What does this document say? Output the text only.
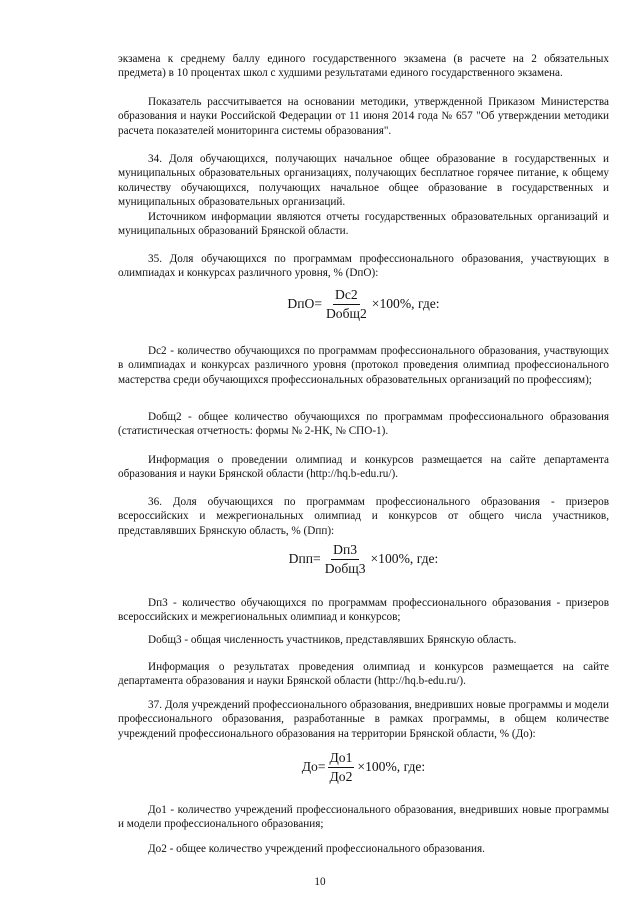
экзамена к среднему баллу единого государственного экзамена (в расчете на 2 обязательных предмета) в 10 процентах школ с худшими результатами единого государственного экзамена.

Показатель рассчитывается на основании методики, утвержденной Приказом Министерства образования и науки Российской Федерации от 11 июня 2014 года № 657 "Об утверждении методики расчета показателей мониторинга системы образования".

34. Доля обучающихся, получающих начальное общее образование в государственных и муниципальных образовательных организациях, получающих бесплатное горячее питание, к общему количеству обучающихся, получающих начальное общее образование в государственных и муниципальных образовательных организаций.

Источником информации являются отчеты государственных образовательных организаций и муниципальных образований Брянской области.

35. Доля обучающихся по программам профессионального образования, участвующих в олимпиадах и конкурсах различного уровня, % (DпО):

$DпО= \frac{Dc2}{\text{Doбщ2}} \times 100\%$, где:

Dc2 - количество обучающихся по программам профессионального образования, участвующих в олимпиадах и конкурсах различного уровня (протокол проведения олимпиад профессионального мастерства среди обучающихся профессиональных образовательных организаций по профессиям);

Doбщ2 - общее количество обучающихся по программам профессионального образования (статистическая отчетность: формы № 2-НК, № СПО-1).

Информация о проведении олимпиад и конкурсов размещается на сайте департамента образования и науки Брянской области (http://hq.b-edu.ru/).

36. Доля обучающихся по программам профессионального образования - призеров всероссийских и межрегиональных олимпиад и конкурсов от общего числа участников, представлявших Брянскую область, % (Dпп):

$Dпп= \frac{Dп3}{\text{Doбщ3}} \times 100\%$, где:

Dп3 - количество обучающихся по программам профессионального образования - призеров всероссийских и межрегиональных олимпиад и конкурсов;

Doбщ3 - общая численность участников, представлявших Брянскую область.

Информация о результатах проведения олимпиад и конкурсов размещается на сайте департамента образования и науки Брянской области (http://hq.b-edu.ru/).

37. Доля учреждений профессионального образования, внедривших новые программы и модели профессионального образования, разработанные в рамках программы, в общем количестве учреждений профессионального образования на территории Брянской области, % (До):

$До= \frac{До1}{До2} \times 100\%$, где:

До1 - количество учреждений профессионального образования, внедривших новые программы и модели профессионального образования;

До2 - общее количество учреждений профессионального образования.

10
